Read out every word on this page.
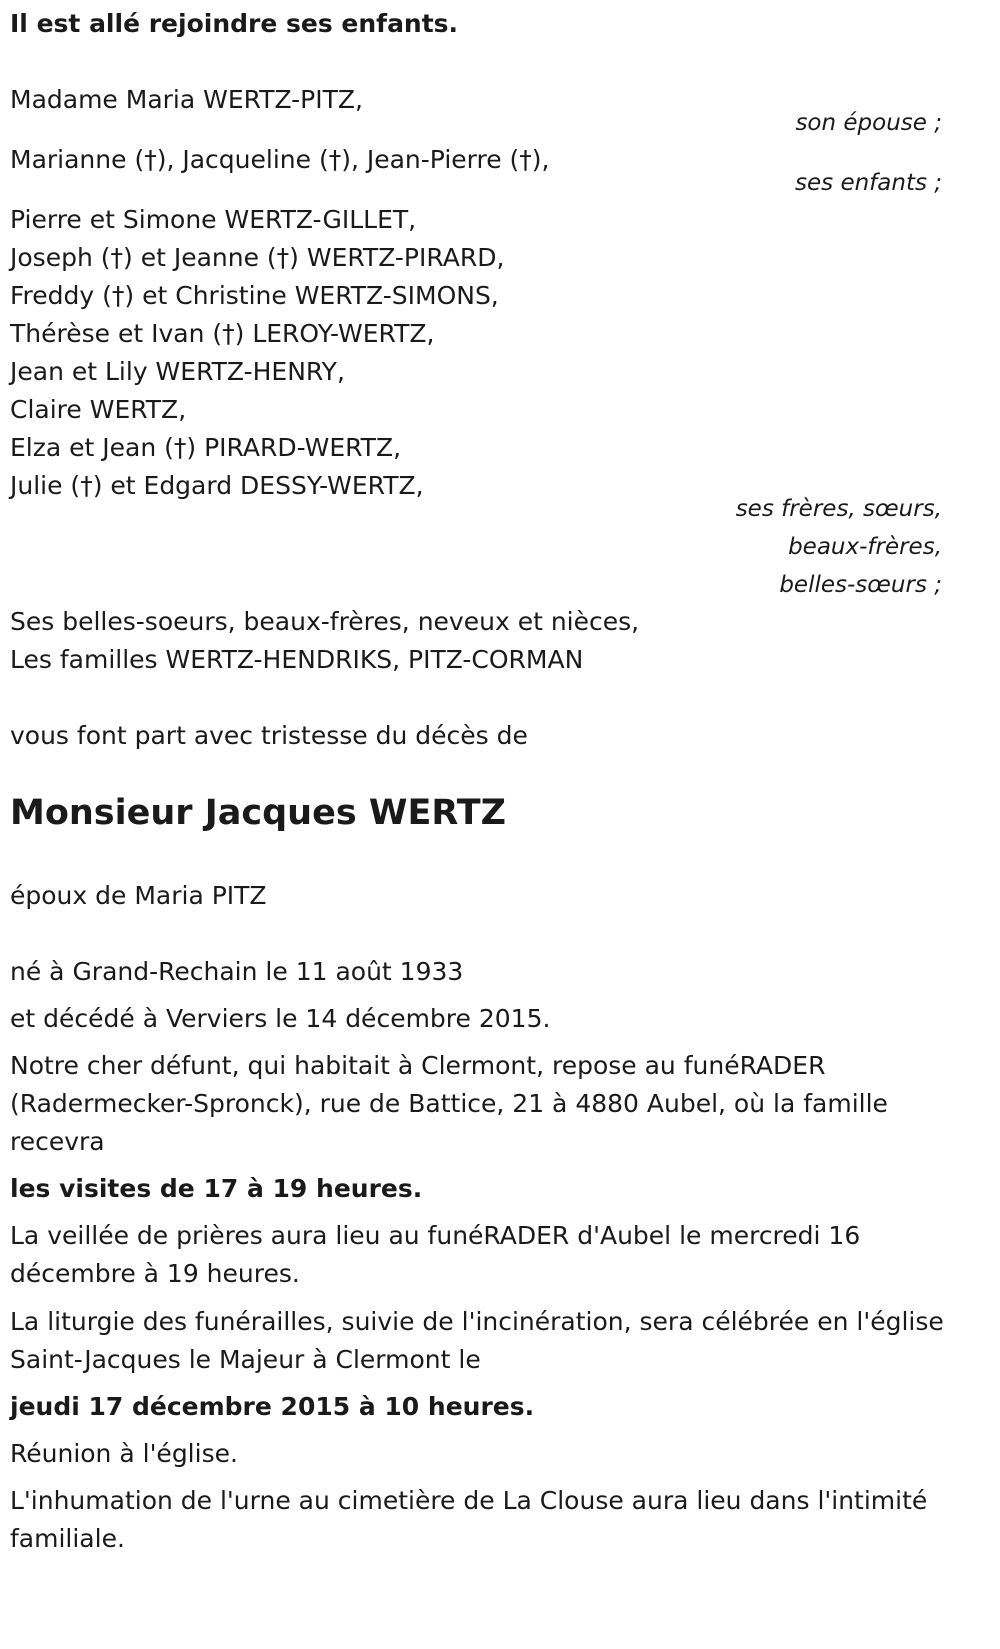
Il est allé rejoindre ses enfants.
Madame Maria WERTZ-PITZ,
son épouse ;
Marianne (†), Jacqueline (†), Jean-Pierre (†),
ses enfants ;
Pierre et Simone WERTZ-GILLET,
Joseph (†) et Jeanne (†) WERTZ-PIRARD,
Freddy (†) et Christine WERTZ-SIMONS,
Thérèse et Ivan (†) LEROY-WERTZ,
Jean et Lily WERTZ-HENRY,
Claire WERTZ,
Elza et Jean (†) PIRARD-WERTZ,
Julie (†) et Edgard DESSY-WERTZ,
ses frères, sœurs,
beaux-frères,
belles-sœurs ;
Ses belles-soeurs, beaux-frères, neveux et nièces,
Les familles WERTZ-HENDRIKS, PITZ-CORMAN
vous font part avec tristesse du décès de
Monsieur Jacques WERTZ
époux de Maria PITZ
né à Grand-Rechain le 11 août 1933
et décédé à Verviers le 14 décembre 2015.
Notre cher défunt, qui habitait à Clermont, repose au funéRADER
(Radermecker-Spronck), rue de Battice, 21 à 4880 Aubel, où la famille
recevra
les visites de 17 à 19 heures.
La veillée de prières aura lieu au funéRADER d'Aubel le mercredi 16
décembre à 19 heures.
La liturgie des funérailles, suivie de l'incinération, sera célébrée en l'église
Saint-Jacques le Majeur à Clermont le
jeudi 17 décembre 2015 à 10 heures.
Réunion à l'église.
L'inhumation de l'urne au cimetière de La Clouse aura lieu dans l'intimité
familiale.
